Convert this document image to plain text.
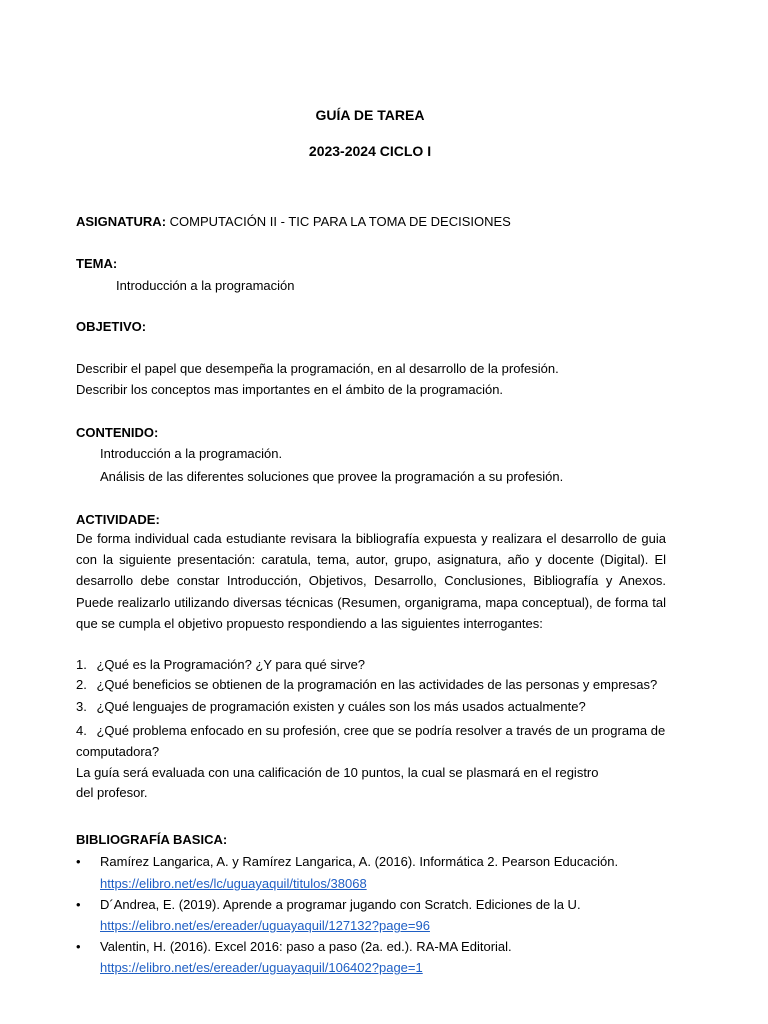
GUÍA DE TAREA
2023-2024 CICLO I
ASIGNATURA: COMPUTACIÓN II - TIC PARA LA TOMA DE DECISIONES
TEMA:
Introducción a la programación
OBJETIVO:
Describir el papel que desempeña la programación, en al desarrollo de la profesión.
Describir los conceptos mas importantes en el ámbito de la programación.
CONTENIDO:
Introducción a la programación.
Análisis de las diferentes soluciones que provee la programación a su profesión.
ACTIVIDADE:
De forma individual cada estudiante revisara la bibliografía expuesta y realizara el desarrollo de guia con la siguiente presentación: caratula, tema, autor, grupo, asignatura, año y docente (Digital). El desarrollo debe constar Introducción, Objetivos, Desarrollo, Conclusiones, Bibliografía y Anexos. Puede realizarlo utilizando diversas técnicas (Resumen, organigrama, mapa conceptual), de forma tal que se cumpla el objetivo propuesto respondiendo a las siguientes interrogantes:
1. ¿Qué es la Programación? ¿Y para qué sirve?
2. ¿Qué beneficios se obtienen de la programación en las actividades de las personas y empresas?
3. ¿Qué lenguajes de programación existen y cuáles son los más usados actualmente?
4. ¿Qué problema enfocado en su profesión, cree que se podría resolver a través de un programa de
computadora?
La guía será evaluada con una calificación de 10 puntos, la cual se plasmará en el registro
del profesor.
BIBLIOGRAFÍA BASICA:
• Ramírez Langarica, A. y Ramírez Langarica, A. (2016). Informática 2. Pearson Educación.
https://elibro.net/es/lc/uguayaquil/titulos/38068
• D´Andrea, E. (2019). Aprende a programar jugando con Scratch. Ediciones de la U.
https://elibro.net/es/ereader/uguayaquil/127132?page=96
• Valentin, H. (2016). Excel 2016: paso a paso (2a. ed.). RA-MA Editorial.
https://elibro.net/es/ereader/uguayaquil/106402?page=1
